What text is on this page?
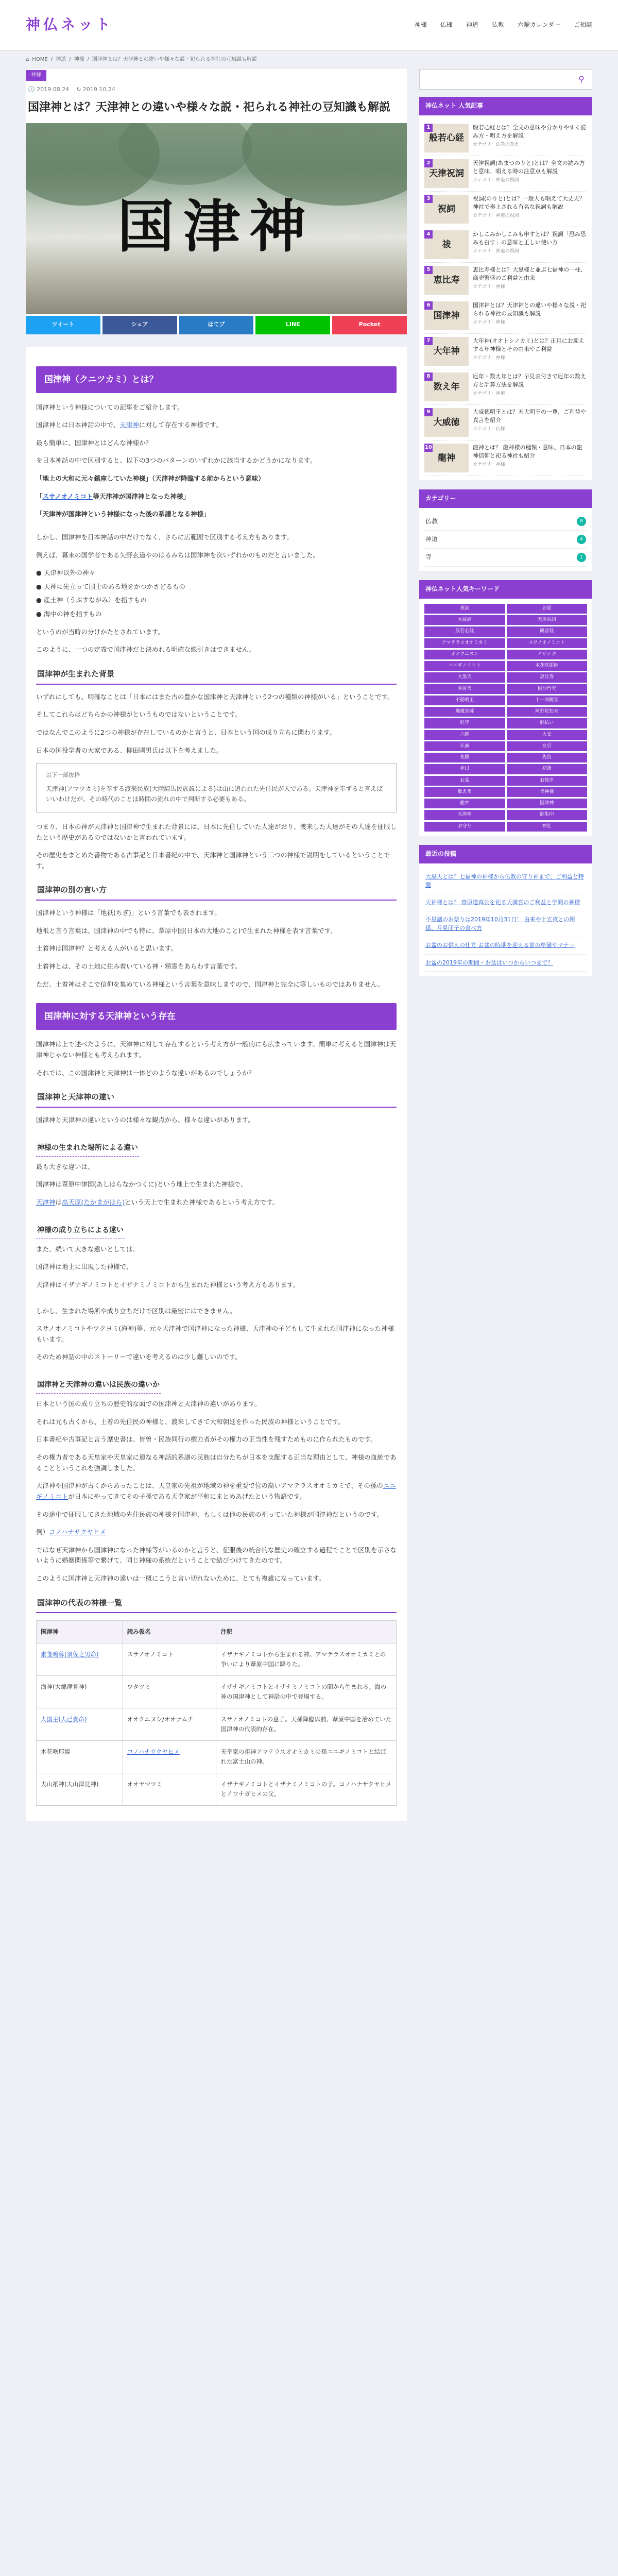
神仏ネット	神様 仏様 神道 仏教 六曜カレンダー ご相談
⌂ HOME / 神道 / 神様 / 国津神とは？天津神との違いや様々な説・祀られる神社の豆知識も解説
神様
🕓 2019.08.24 ↻ 2019.10.24
国津神とは？天津神との違いや様々な説・祀られる神社の豆知識も解説
国津神
ツイート	シェア	はてブ	LINE	Pocket
国津神（クニツカミ）とは？

国津神という神様についての記事をご紹介します。

国津神とは日本神話の中で、天津神に対して存在する神様です。

最も簡単に、国津神とはどんな神様か？

を日本神話の中で区別すると、以下の3つのパターンのいずれかに該当するかどうかになります。

「地上の大和に元々鎮座していた神様」（天津神が降臨する前からという意味）

「スサノオノミコト等天津神が国津神となった神様」

「天津神が国津神という神様になった後の系譜となる神様」

しかし、国津神を日本神話の中だけでなく、さらに広範囲で区別する考え方もあります。

例えば、幕末の国学者である矢野玄道やのはるみちは国津神を次いずれかのものだと言いました。

● 天津神以外の神々

● 天神に先立って国土のある地をかつかさどるもの

● 産土神（うぶすながみ）を指すもの

● 海中の神を指すもの

というのが当時の分けかたとされています。

このように、一つの定義で国津神だと決めれる明確な線引きはできません。

国津神が生まれた背景

いずれにしても、明確なことは「日本にはまた古の豊かな国津神と天津神という2つの種類の神様がいる」ということです。

そしてこれらはどちらかの神様がというものではないということです。

ではなんでこのように2つの神様が存在しているのかと言うと、日本という国の成り立ちに関わります。

日本の国役学者の大家である、柳田國男氏は以下を考えました。

以下一部抜粋
天津神(アマツカミ)を奉ずる渡来民族(大陸騎馬民族説による)は山に追われた先住民が人である。天津神を奉ずると言えばいいわけだが、その時代のことは時間の流れの中で判断する必要もある。

つまり、日本の神が天津神と国津神で生まれた背景には、日本に先住していた人達がおり、渡来した人達がその人達を征服したという歴史があるのではないかと言われています。

その歴史をまとめた書物である古事記と日本書紀の中で、天津神と国津神という二つの神様で説明をしているということです。

国津神の別の言い方

国津神という神様は「地祇(ちぎ)」という言葉でも表されます。

地祇と言う言葉は、国津神の中でも特に、葦原中国(日本の大地のこと)で生まれた神様を表す言葉です。

土着神は国津神？と考える人がいると思います。

土着神とは、その土地に住み着いている神・精霊をあらわす言葉です。

ただ、土着神はそこで信仰を集めている神様という言葉を意味しますので、国津神と完全に等しいものではありません。

国津神に対する天津神という存在

国津神は上で述べたように、天津神に対して存在するという考え方が一般的にも広まっています。簡単に考えると国津神は天津神じゃない神様とも考えられます。

それでは、この国津神と天津神は一体どのような違いがあるのでしょうか？

国津神と天津神の違い

国津神と天津神の違いというのは様々な観点から、様々な違いがあります。

神様の生まれた場所による違い

最も大きな違いは、

国津神は葦原中津国(あしはらなかつくに)という地上で生まれた神様で、

天津神は高天原(たかまがはら)という天上で生まれた神様であるという考え方です。

神様の成り立ちによる違い

また、続いて大きな違いとしては、

国津神は地上に出現した神様で、

天津神はイザナギノミコトとイザナミノミコトから生まれた神様という考え方もあります。

しかし、生まれた場所や成り立ちだけで区別は厳密にはできません。

スサノオノミコトやツクヨミ(海神)等、元々天津神で国津神になった神様、天津神の子どもして生まれた国津神になった神様もいます。

そのため神話の中のストーリーで違いを考えるのは少し難しいのです。

国津神と天津神の違いは民族の違いか

日本という国の成り立ちの歴史的な面での国津神と天津神の違いがあります。

それは元も古くから、土着の先住民の神様と、渡来してきて大和朝廷を作った民族の神様ということです。

日本書紀や古事記と言う歴史書は、皆曽・民族同行の権力者がその権力の正当性を残すためものに作られたものです。

その権力者である天皇家や天皇家に連なる神話的系譜の民族は自分たちが日本を支配する正当な理由として、神様の血統であることというこれを強調しました。

天津神や国津神が古くからあったことは、天皇家の先祖が地域の神を重要で位の高いアマテラスオオミカミで、その孫のニニギノミコトが日本にやってきてその子孫である天皇家が平和にまとめあげたという物語です。

その途中で征服してきた地域の先住民族の神様を国津神、もしくは他の民族の祀っていた神様が国津神だというのです。

例）コノハナサクヤヒメ

ではなぜ天津神から国津神になった神様等がいるのかと言うと、征服後の統合的な歴史の確立する過程でことで区別を示さないように婚姻関係等で繋げて、同じ神様の系統だということで結びつけてきたのです。

このように国津神と天津神の違いは一概にこうと言い切れないために、とても複雑になっています。

国津神の代表の神様一覧
国津神	読み仮名	注釈
素戔嗚尊(須佐之男命)	スサノオノミコト	イザナギノミコトから生まれる神。アマテラスオオミカミとの争いにより葦原中国に降りた。
海神(大綿津見神)	ワタツミ	イザナギノミコトとイザナミノミコトの間から生まれる。海の神の国津神として神話の中で登場する。
大国主(大己貴命)	オオクニヌシ/オオナムチ	スサノオノミコトの息子。天孫降臨以前、葦原中国を治めていた国津神の代表的存在。
木花咲耶姫	コノハナサクヤヒメ	天皇家の祖神アマテラスオオミカミの孫ニニギノミコトと結ばれた富士山の神。
大山祇神(大山津見神)	オオヤマツミ	イザナギノミコトとイザナミノミコトの子。コノハナサクヤヒメとイワナガヒメの父。
⚲
神仏ネット 人気記事
1
般若心経
般若心経とは？全文の意味や分かりやすく読み方・唱え方を解説
カテゴリ：仏教の教え
2
天津祝詞
天津祝詞(あまつのりと)とは？全文の読み方と意味、唱える時の注意点も解説
カテゴリ：神道の祝詞
3
祝詞
祝詞(のりと)とは？一般人も唱えて大丈夫？神社で奏上される有名な祝詞も解説
カテゴリ：神道の祝詞
4
祓
かしこみかしこみも申すとは？祝詞「恐み恐みも白す」の意味と正しい使い方
カテゴリ：神道の祝詞
5
恵比寿
恵比寿様とは？大黒様と並ぶ七福神の一柱、商売繁盛のご利益と由来
カテゴリ：神様
6
国津神
国津神とは？天津神との違いや様々な説・祀られる神社の豆知識も解説
カテゴリ：神様
7
大年神
大年神(オオトシノカミ)とは？正月にお迎えする年神様とその由来やご利益
カテゴリ：神様
8
数え年
厄年・数え年とは？早見表付きで厄年の数え方と計算方法を解説
カテゴリ：神道
9
大威徳
大威徳明王とは？五大明王の一尊、ご利益や真言を紹介
カテゴリ：仏様
10
龍神
龍神とは？ 龍神様の種類・意味、日本の龍神信仰と祀る神社も紹介
カテゴリ：神様
カテゴリー
仏教	8
神道	4
寺	1
神仏ネット人気キーワード
祝詞	お経
大祓詞	天津祝詞
般若心経	観音経
アマテラスオオミカミ	スサノオノミコト
オオクニヌシ	イザナギ
ニニギノミコト	木花咲耶姫
大黒天	恵比寿
弁財天	毘沙門天
不動明王	十一面観音
地蔵菩薩	阿弥陀如来
厄年	厄払い
六曜	大安
仏滅	友引
先勝	先負
赤口	初詣
お盆	お彼岸
数え年	年神様
龍神	国津神
天津神	御朱印
お守り	神社
最近の投稿
大黒天とは？七福神の神様から仏教の守り神まで、ご利益と特徴
天神様とは？ 菅原道真公を祀る天満宮のご利益と学問の神様
不思議のお祭りは2019年10月31日！ 由来や十五夜との関係、月見団子の食べ方
お盆のお供えの仕方 お盆の時期を迎える前の準備やマナー
お盆の2019年の期間・お盆はいつからいつまで？
